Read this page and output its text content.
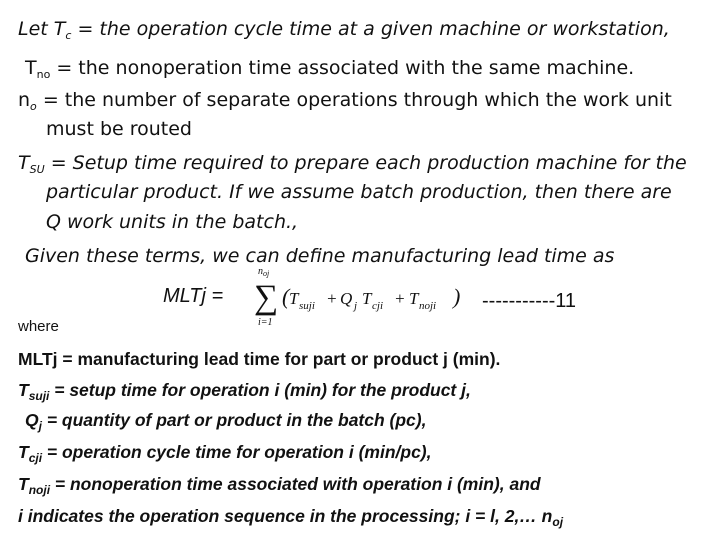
Let $T_c$ = the operation cycle time at a given machine or workstation,
$T_{no}$ = the nonoperation time associated with the same machine.
$n_o$ = the number of separate operations through which the work unit
must be routed
$T_{SU}$ = Setup time required to prepare each production machine for the
particular product. If we assume batch production, then there are
Q work units in the batch.,
Given these terms, we can define manufacturing lead time as
MLTj =
$n_{oj}$
∑
i=1
( T suji + Q j T cji + T noji ) -----------11
where
MLTj = manufacturing lead time for part or product j (min).
$T_{suji}$ = setup time for operation i (min) for the product j,
$Q_j$ = quantity of part or product in the batch (pc),
$T_{cji}$ = operation cycle time for operation i (min/pc),
$T_{noji}$ = nonoperation time associated with operation i (min), and
i indicates the operation sequence in the processing; i = l, 2,… $n_{oj}$
